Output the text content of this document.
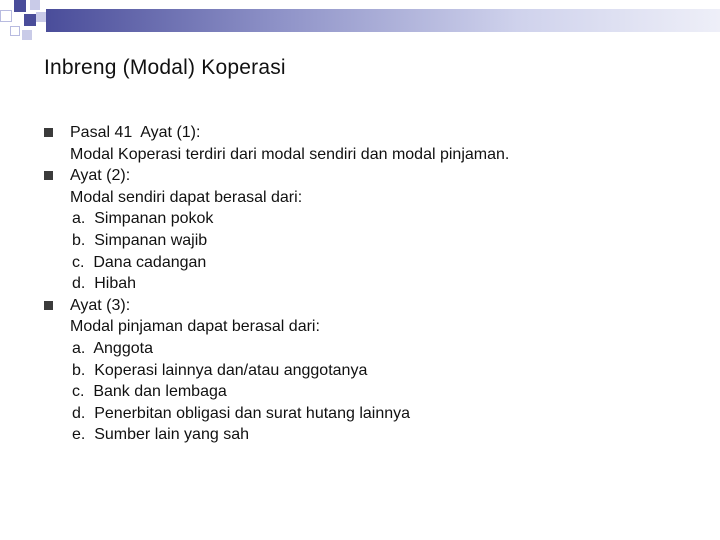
Inbreng (Modal) Koperasi
Pasal 41  Ayat (1):
Modal Koperasi terdiri dari modal sendiri dan modal pinjaman.
Ayat (2):
Modal sendiri dapat berasal dari:
a.  Simpanan pokok
b.  Simpanan wajib
c.  Dana cadangan
d.  Hibah
Ayat (3):
Modal pinjaman dapat berasal dari:
a.  Anggota
b.  Koperasi lainnya dan/atau anggotanya
c.  Bank dan lembaga
d.  Penerbitan obligasi dan surat hutang lainnya
e.  Sumber lain yang sah
